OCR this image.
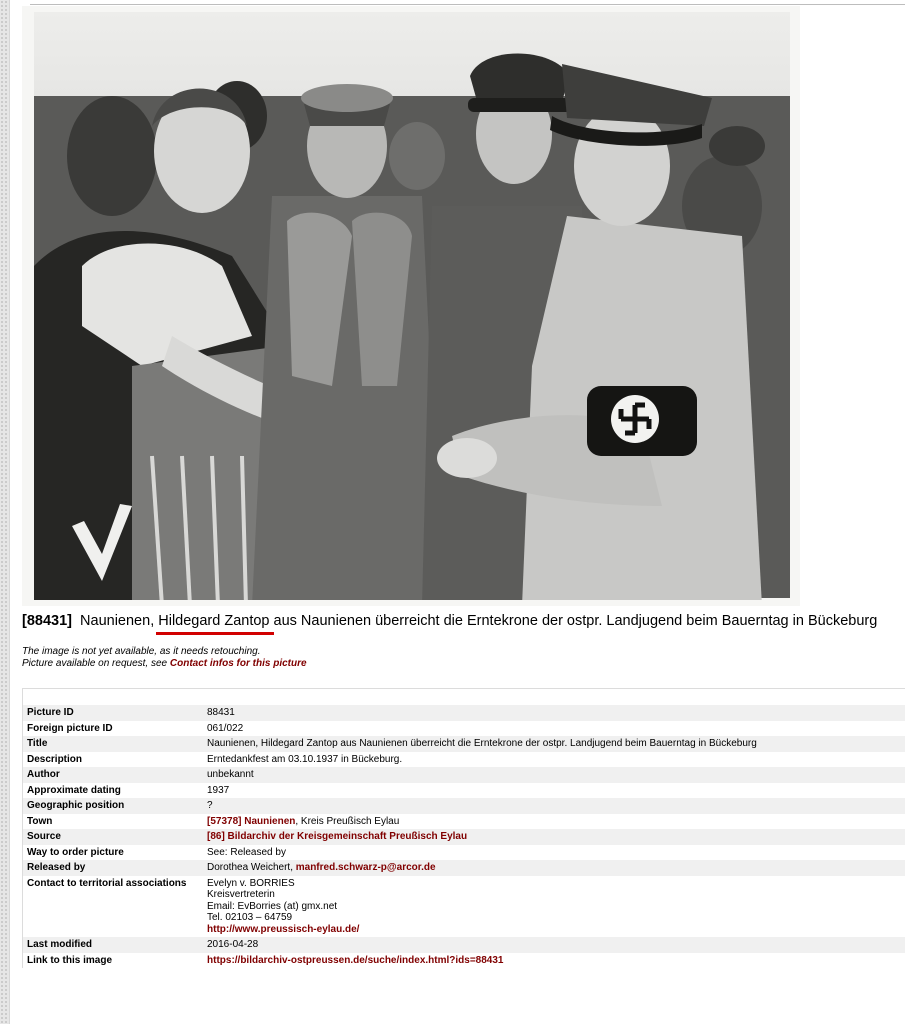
[88431] Naunienen, Hildegard Zantop aus Naunienen überreicht die Erntekrone der ostpr. Landjugend beim Bauerntag in Bückeburg
The image is not yet available, as it needs retouching.
Picture available on request, see Contact infos for this picture
Picture ID	88431
Foreign picture ID	061/022
Title	Naunienen, Hildegard Zantop aus Naunienen überreicht die Erntekrone der ostpr. Landjugend beim Bauerntag in Bückeburg
Description	Erntedankfest am 03.10.1937 in Bückeburg.
Author	unbekannt
Approximate dating	1937
Geographic position	?
Town	[57378] Naunienen, Kreis Preußisch Eylau
Source	[86] Bildarchiv der Kreisgemeinschaft Preußisch Eylau
Way to order picture	See: Released by
Released by	Dorothea Weichert, manfred.schwarz-p@arcor.de
Contact to territorial associations	Evelyn v. BORRIES
Kreisvertreterin
Email: EvBorries (at) gmx.net
Tel. 02103 – 64759
http://www.preussisch-eylau.de/
Last modified	2016-04-28
Link to this image	https://bildarchiv-ostpreussen.de/suche/index.html?ids=88431
